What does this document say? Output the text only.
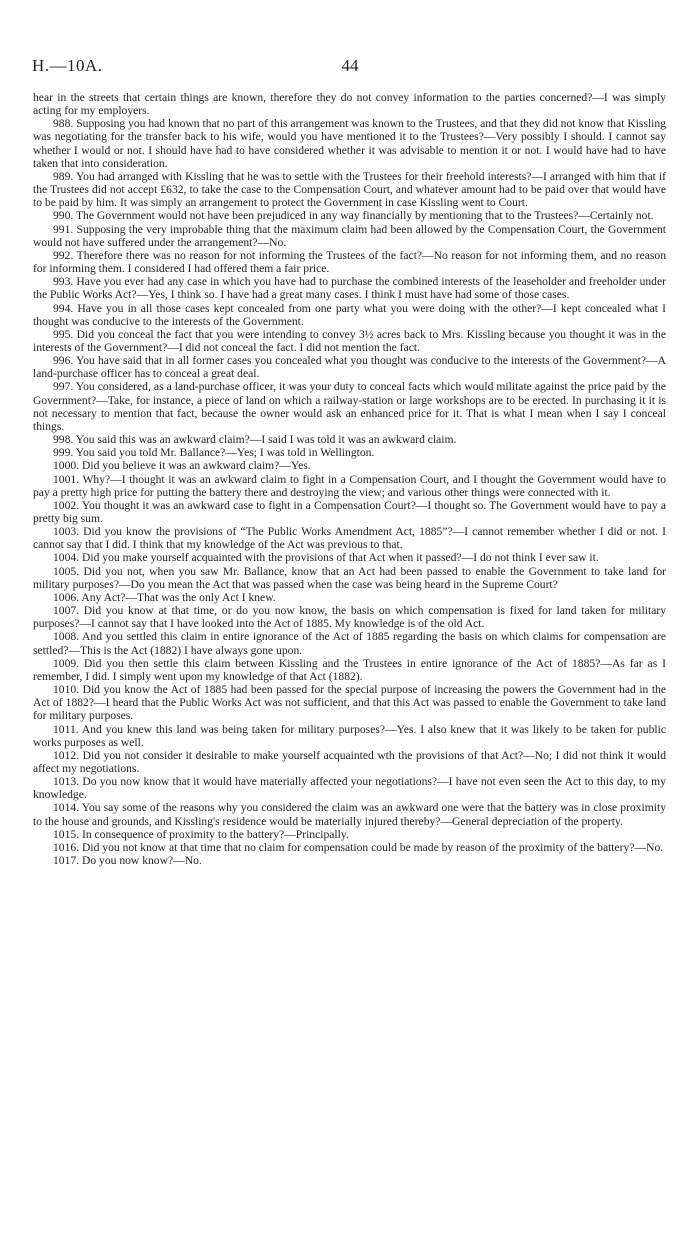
H.—10A.	44

hear in the streets that certain things are known, therefore they do not convey information to the parties concerned?—I was simply acting for my employers.

988. Supposing you had known that no part of this arrangement was known to the Trustees, and that they did not know that Kissling was negotiating for the transfer back to his wife, would you have mentioned it to the Trustees?—Very possibly I should. I cannot say whether I would or not. I should have had to have considered whether it was advisable to mention it or not. I would have had to have taken that into consideration.

989. You had arranged with Kissling that he was to settle with the Trustees for their freehold interests?—I arranged with him that if the Trustees did not accept £632, to take the case to the Compensation Court, and whatever amount had to be paid over that would have to be paid by him. It was simply an arrangement to protect the Government in case Kissling went to Court.

990. The Government would not have been prejudiced in any way financially by mentioning that to the Trustees?—Certainly not.

991. Supposing the very improbable thing that the maximum claim had been allowed by the Compensation Court, the Government would not have suffered under the arrangement?—No.

992. Therefore there was no reason for not informing the Trustees of the fact?—No reason for not informing them, and no reason for informing them. I considered I had offered them a fair price.

993. Have you ever had any case in which you have had to purchase the combined interests of the leaseholder and freeholder under the Public Works Act?—Yes, I think so. I have had a great many cases. I think I must have had some of those cases.

994. Have you in all those cases kept concealed from one party what you were doing with the other?—I kept concealed what I thought was conducive to the interests of the Government.

995. Did you conceal the fact that you were intending to convey 3½ acres back to Mrs. Kissling because you thought it was in the interests of the Government?—I did not conceal the fact. I did not mention the fact.

996. You have said that in all former cases you concealed what you thought was conducive to the interests of the Government?—A land-purchase officer has to conceal a great deal.

997. You considered, as a land-purchase officer, it was your duty to conceal facts which would militate against the price paid by the Government?—Take, for instance, a piece of land on which a railway-station or large workshops are to be erected. In purchasing it it is not necessary to mention that fact, because the owner would ask an enhanced price for it. That is what I mean when I say I conceal things.

998. You said this was an awkward claim?—I said I was told it was an awkward claim.

999. You said you told Mr. Ballance?—Yes; I was told in Wellington.

1000. Did you believe it was an awkward claim?—Yes.

1001. Why?—I thought it was an awkward claim to fight in a Compensation Court, and I thought the Government would have to pay a pretty high price for putting the battery there and destroying the view; and various other things were connected with it.

1002. You thought it was an awkward case to fight in a Compensation Court?—I thought so. The Government would have to pay a pretty big sum.

1003. Did you know the provisions of “The Public Works Amendment Act, 1885”?—I cannot remember whether I did or not. I cannot say that I did. I think that my knowledge of the Act was previous to that.

1004. Did you make yourself acquainted with the provisions of that Act when it passed?—I do not think I ever saw it.

1005. Did you not, when you saw Mr. Ballance, know that an Act had been passed to enable the Government to take land for military purposes?—Do you mean the Act that was passed when the case was being heard in the Supreme Court?

1006. Any Act?—That was the only Act I knew.

1007. Did you know at that time, or do you now know, the basis on which compensation is fixed for land taken for military purposes?—I cannot say that I have looked into the Act of 1885. My knowledge is of the old Act.

1008. And you settled this claim in entire ignorance of the Act of 1885 regarding the basis on which claims for compensation are settled?—This is the Act (1882) I have always gone upon.

1009. Did you then settle this claim between Kissling and the Trustees in entire ignorance of the Act of 1885?—As far as I remember, I did. I simply went upon my knowledge of that Act (1882).

1010. Did you know the Act of 1885 had been passed for the special purpose of increasing the powers the Government had in the Act of 1882?—I heard that the Public Works Act was not sufficient, and that this Act was passed to enable the Government to take land for military purposes.

1011. And you knew this land was being taken for military purposes?—Yes. I also knew that it was likely to be taken for public works purposes as well.

1012. Did you not consider it desirable to make yourself acquainted wth the provisions of that Act?—No; I did not think it would affect my negotiations.

1013. Do you now know that it would have materially affected your negotiations?—I have not even seen the Act to this day, to my knowledge.

1014. You say some of the reasons why you considered the claim was an awkward one were that the battery was in close proximity to the house and grounds, and Kissling's residence would be materially injured thereby?—General depreciation of the property.

1015. In consequence of proximity to the battery?—Principally.

1016. Did you not know at that time that no claim for compensation could be made by reason of the proximity of the battery?—No.

1017. Do you now know?—No.
